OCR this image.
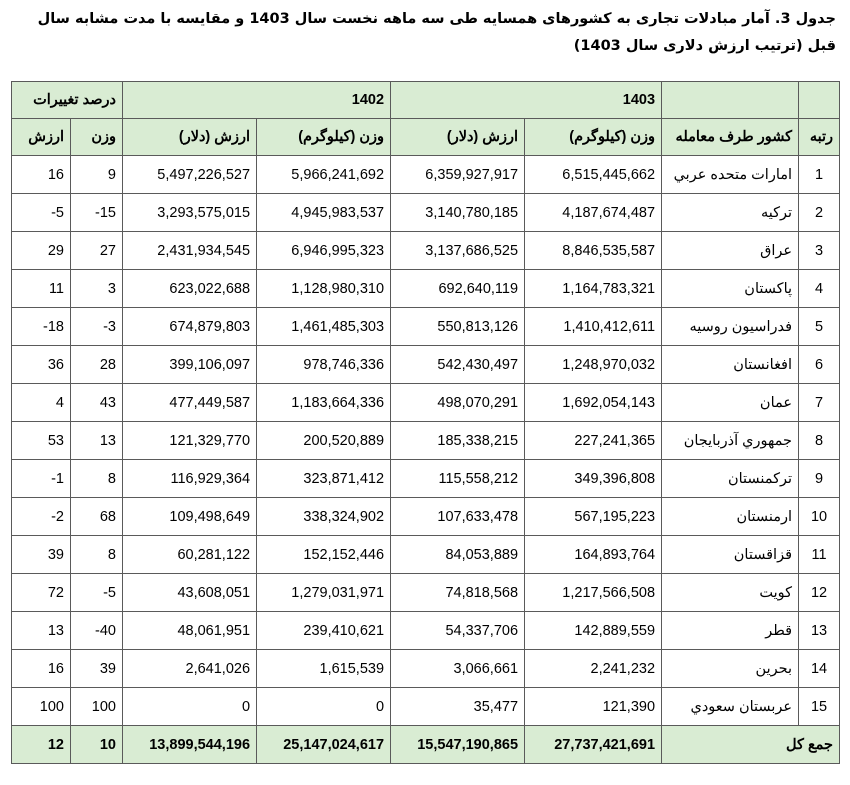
جدول 3. آمار مبادلات تجاری به کشورهای همسایه طی سه ماهه نخست سال 1403 و مقایسه با مدت مشابه سال قبل (ترتیب ارزش دلاری سال 1403)
		1403		1402		درصد تغییرات	
رتبه	کشور طرف معامله	وزن (کیلوگرم)	ارزش (دلار)	وزن (کیلوگرم)	ارزش (دلار)	وزن	ارزش
1	امارات متحده عربي	6,515,445,662	6,359,927,917	5,966,241,692	5,497,226,527	9	16
2	تركيه	4,187,674,487	3,140,780,185	4,945,983,537	3,293,575,015	-15	-5
3	عراق	8,846,535,587	3,137,686,525	6,946,995,323	2,431,934,545	27	29
4	پاكستان	1,164,783,321	692,640,119	1,128,980,310	623,022,688	3	11
5	فدراسيون روسيه	1,410,412,611	550,813,126	1,461,485,303	674,879,803	-3	-18
6	افغانستان	1,248,970,032	542,430,497	978,746,336	399,106,097	28	36
7	عمان	1,692,054,143	498,070,291	1,183,664,336	477,449,587	43	4
8	جمهوري آذربايجان	227,241,365	185,338,215	200,520,889	121,329,770	13	53
9	تركمنستان	349,396,808	115,558,212	323,871,412	116,929,364	8	-1
10	ارمنستان	567,195,223	107,633,478	338,324,902	109,498,649	68	-2
11	قزاقستان	164,893,764	84,053,889	152,152,446	60,281,122	8	39
12	كويت	1,217,566,508	74,818,568	1,279,031,971	43,608,051	-5	72
13	قطر	142,889,559	54,337,706	239,410,621	48,061,951	-40	13
14	بحرين	2,241,232	3,066,661	1,615,539	2,641,026	39	16
15	عربستان سعودي	121,390	35,477	0	0	100	100
جمع کل		27,737,421,691	15,547,190,865	25,147,024,617	13,899,544,196	10	12
